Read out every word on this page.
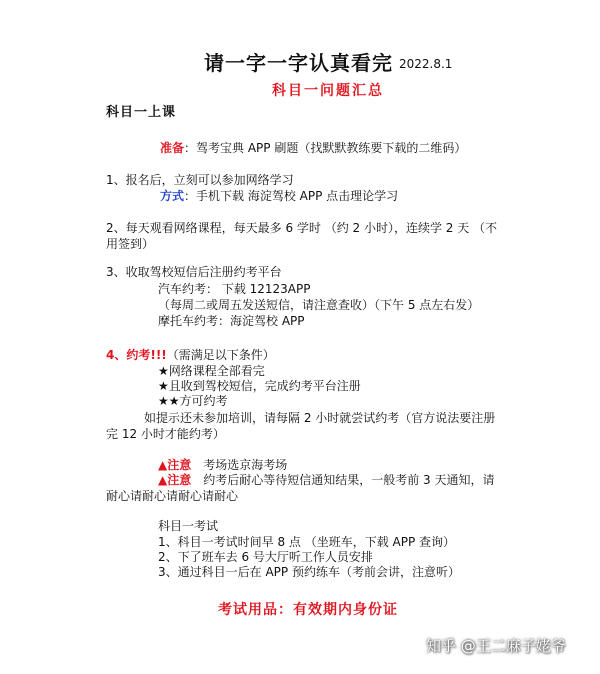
请一字一字认真看完 2022.8.1
科目一问题汇总
科目一上课
准备：驾考宝典 APP 刷题（找默默教练要下载的二维码）
1、报名后，立刻可以参加网络学习
方式：手机下载 海淀驾校 APP 点击理论学习
2、每天观看网络课程，每天最多 6 学时 （约 2 小时），连续学 2 天 （不用签到）
3、收取驾校短信后注册约考平台
汽车约考： 下载 12123APP
（每周二或周五发送短信，请注意查收）（下午 5 点左右发）
摩托车约考：海淀驾校 APP
4、约考!!!（需满足以下条件）
★网络课程全部看完
★且收到驾校短信，完成约考平台注册
★★方可约考
如提示还未参加培训，请每隔 2 小时就尝试约考（官方说法要注册完 12 小时才能约考）
▲注意 考场选京海考场
▲注意 约考后耐心等待短信通知结果，一般考前 3 天通知，请耐心请耐心请耐心请耐心
科目一考试
1、科目一考试时间早 8 点 （坐班车，下载 APP 查询）
2、下了班车去 6 号大厅听工作人员安排
3、通过科目一后在 APP 预约练车（考前会讲，注意听）
考试用品：有效期内身份证
知乎 @王二麻子姥爷
